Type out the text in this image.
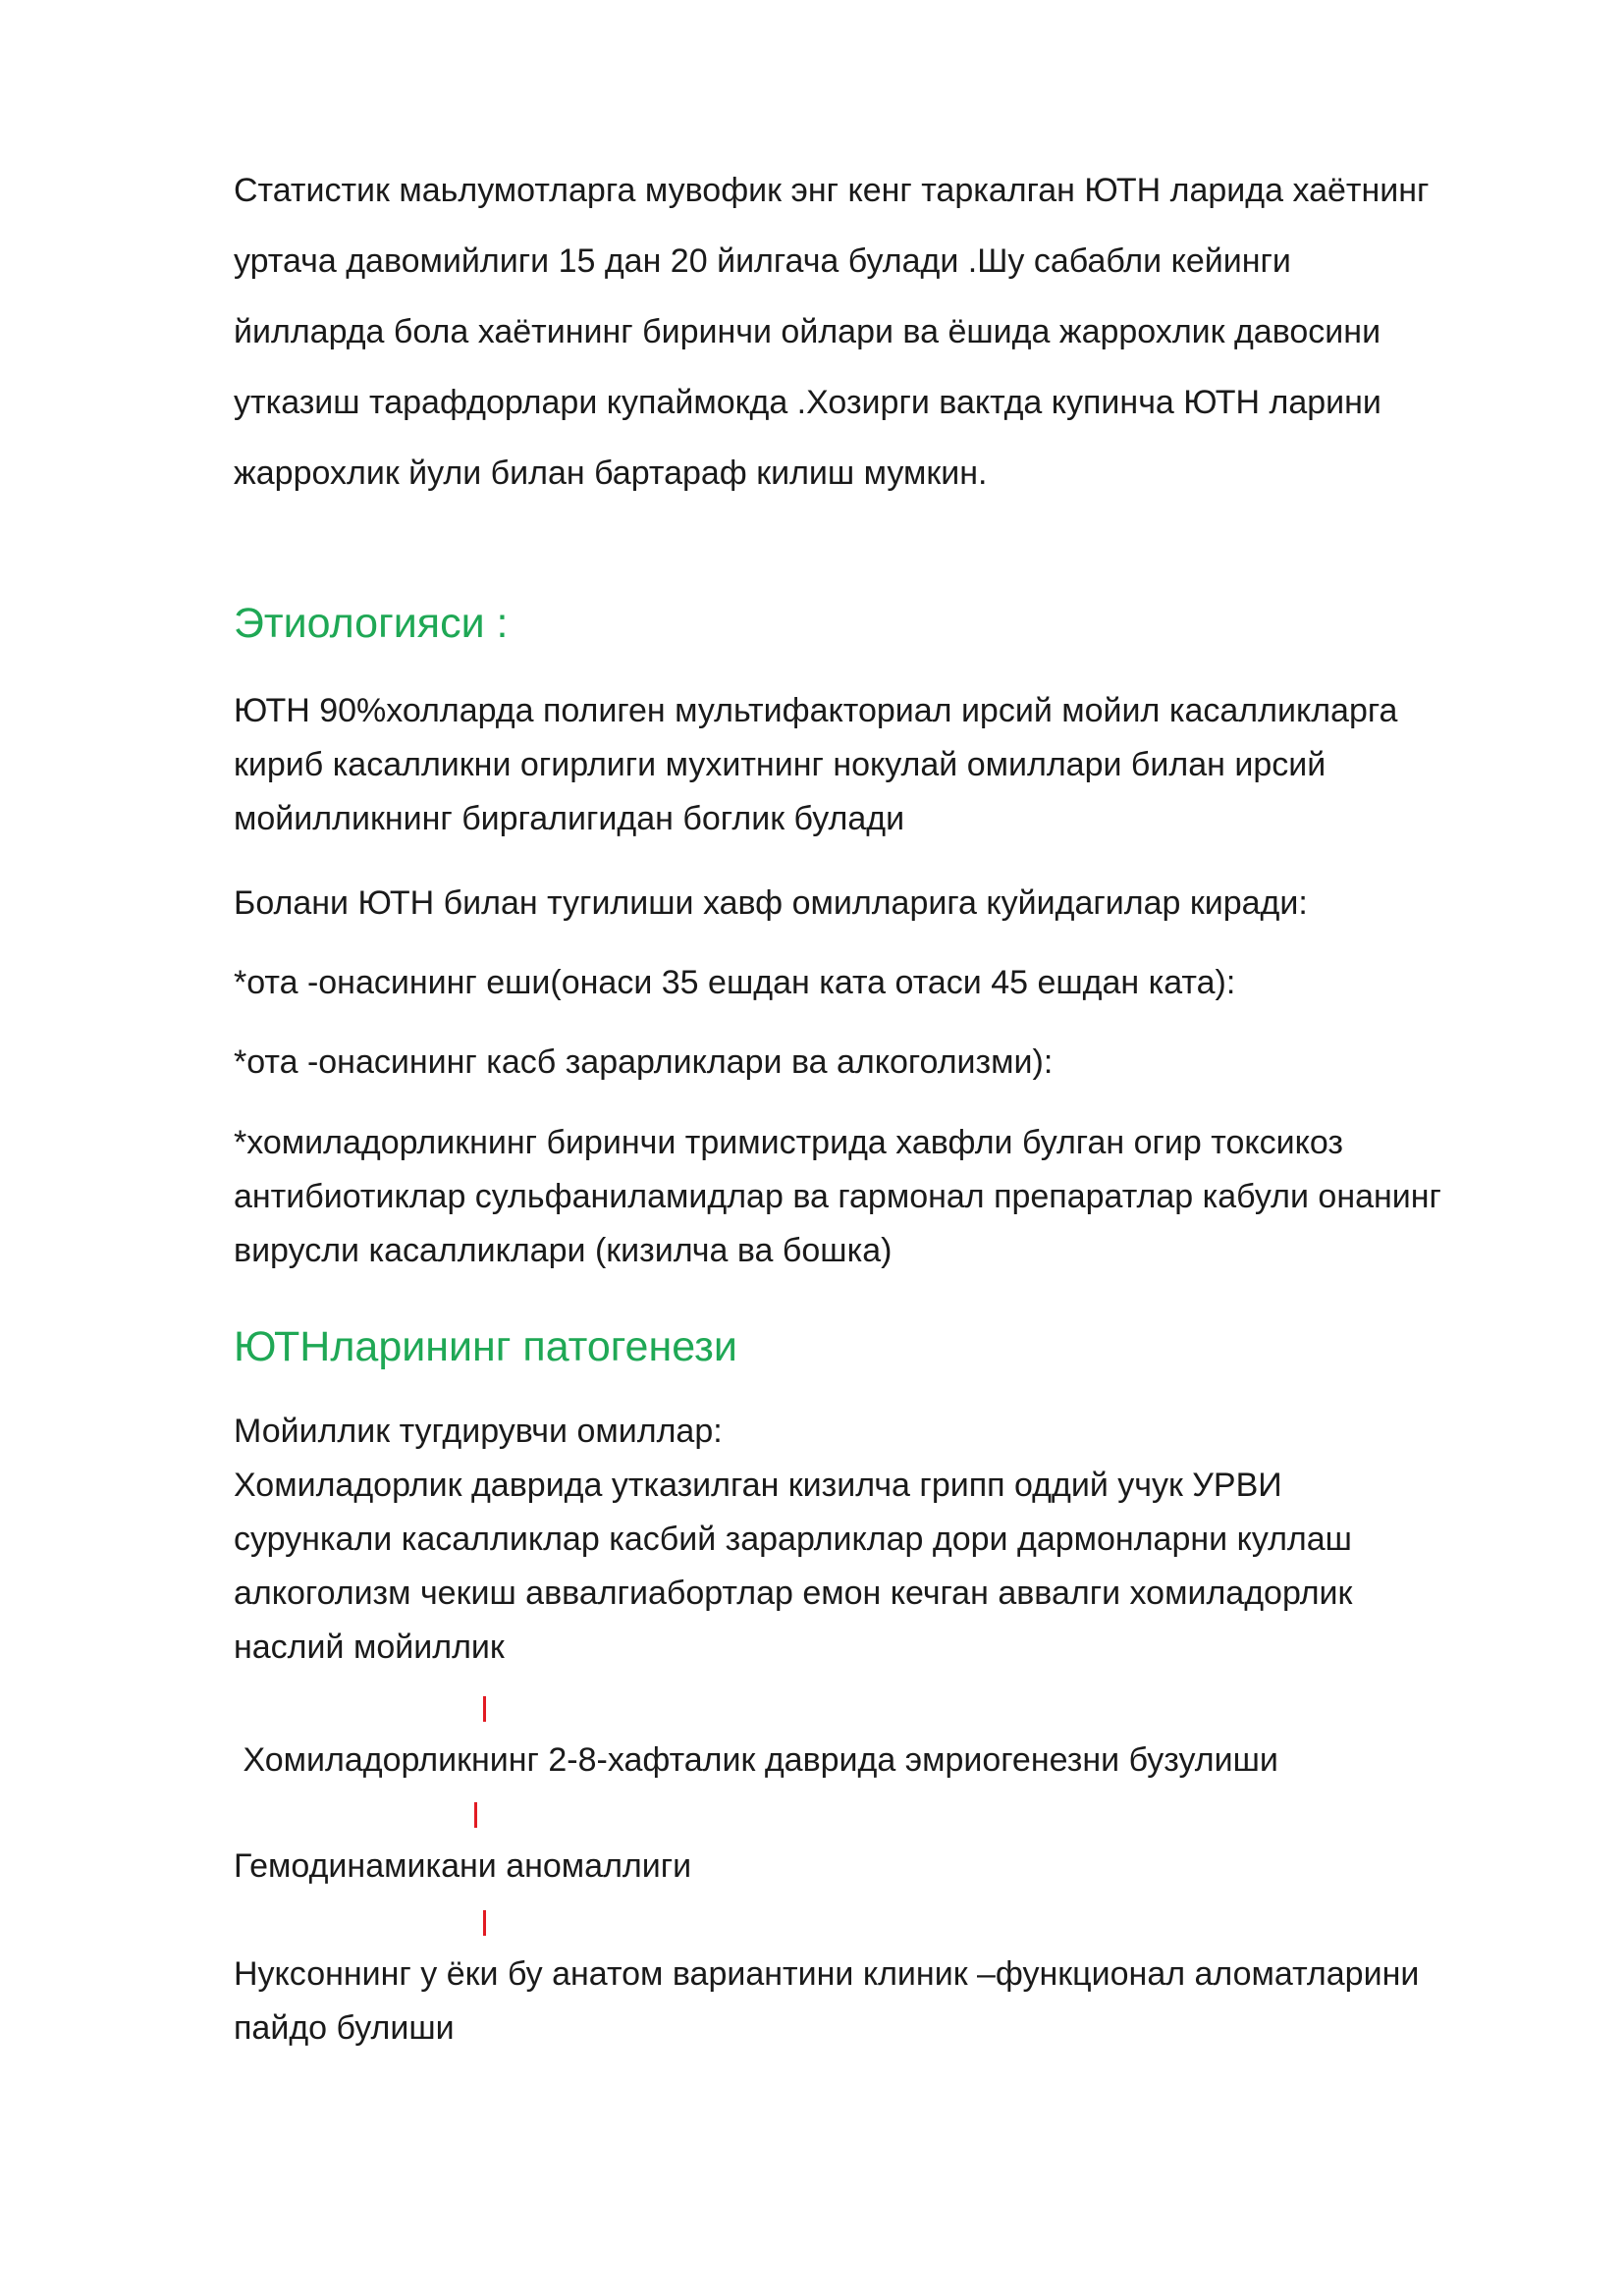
Статистик маьлумотларга мувофик энг кенг таркалган ЮТН ларида хаётнинг

уртача давомийлиги 15 дан 20 йилгача булади .Шу сабабли кейинги

йилларда бола хаётининг биринчи ойлари ва ёшида жаррохлик давосини

утказиш тарафдорлари купаймокда .Хозирги вактда купинча ЮТН ларини

жаррохлик йули билан бартараф килиш мумкин.

Этиологияси :

ЮТН 90%холларда полиген мультифакториал ирсий мойил касалликларга
кириб касалликни огирлиги мухитнинг нокулай омиллари билан ирсий
мойилликнинг биргалигидан боглик булади

Болани ЮТН билан тугилиши хавф омилларига куйидагилар киради:

*ота -онасининг еши(онаси 35 ешдан ката отаси 45 ешдан ката):

*ота -онасининг касб зарарликлари ва алкоголизми):

*хомиладорликнинг биринчи тримистрида хавфли булган огир токсикоз
антибиотиклар сульфаниламидлар ва гармонал препаратлар кабули онанинг
вирусли касалликлари (кизилча ва бошка)

ЮТНларининг патогенези

Мойиллик тугдирувчи омиллар:
Хомиладорлик даврида утказилган кизилча грипп оддий учук УРВИ
сурункали касалликлар касбий зарарликлар дори дармонларни куллаш
алкоголизм чекиш аввалгиабортлар емон кечган аввалги хомиладорлик
наслий мойиллик

Хомиладорликнинг 2-8-хафталик даврида эмриогенезни бузулиши

Гемодинамикани аномаллиги

Нуксоннинг у ёки бу анатом вариантини клиник –функционал аломатларини
пайдо булиши
